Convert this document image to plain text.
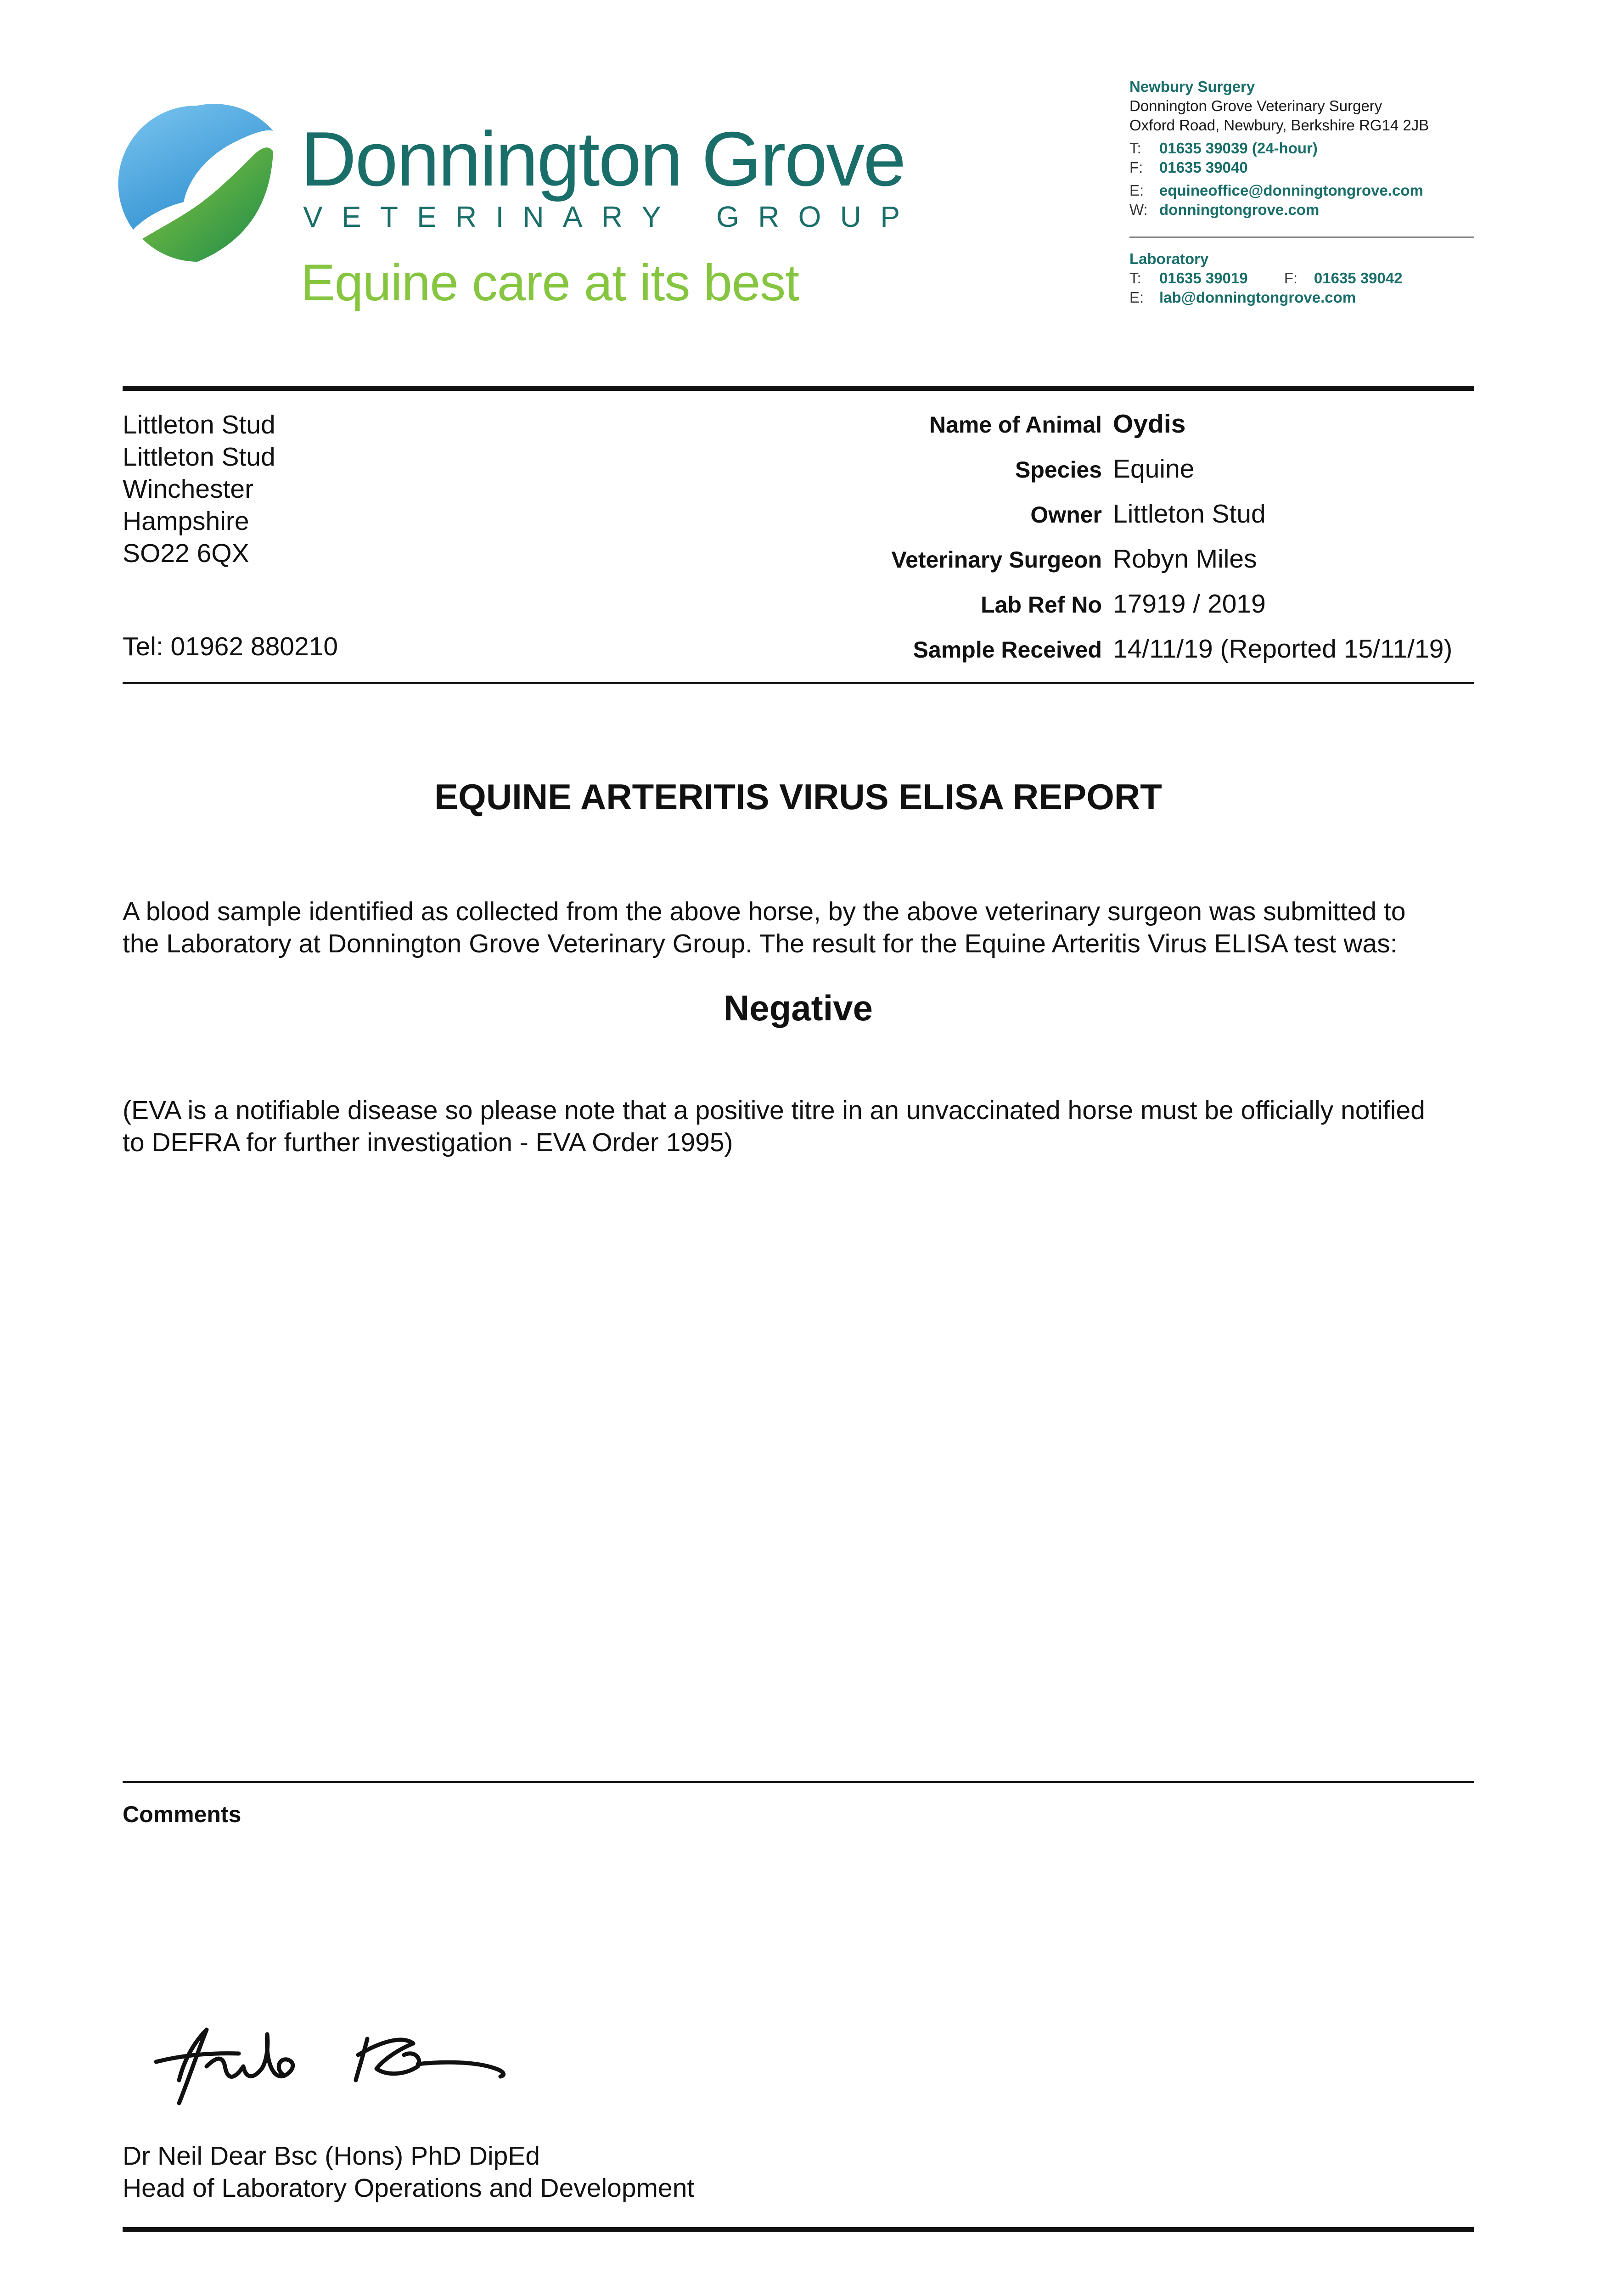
Donnington Grove
V E T E R I N A R Y G R O U P
Equine care at its best
Newbury Surgery
Donnington Grove Veterinary Surgery
Oxford Road, Newbury, Berkshire RG14 2JB
T: 01635 39039 (24-hour)
F: 01635 39040
E: equineoffice@donningtongrove.com
W: donningtongrove.com
Laboratory
T: 01635 39019 F: 01635 39042
E: lab@donningtongrove.com
Littleton Stud
Littleton Stud
Winchester
Hampshire
SO22 6QX
Tel: 01962 880210
Name of Animal Oydis
Species Equine
Owner Littleton Stud
Veterinary Surgeon Robyn Miles
Lab Ref No 17919 / 2019
Sample Received 14/11/19 (Reported 15/11/19)
EQUINE ARTERITIS VIRUS ELISA REPORT
A blood sample identified as collected from the above horse, by the above veterinary surgeon was submitted to
the Laboratory at Donnington Grove Veterinary Group. The result for the Equine Arteritis Virus ELISA test was:
Negative
(EVA is a notifiable disease so please note that a positive titre in an unvaccinated horse must be officially notified
to DEFRA for further investigation - EVA Order 1995)
Comments
Dr Neil Dear Bsc (Hons) PhD DipEd
Head of Laboratory Operations and Development
